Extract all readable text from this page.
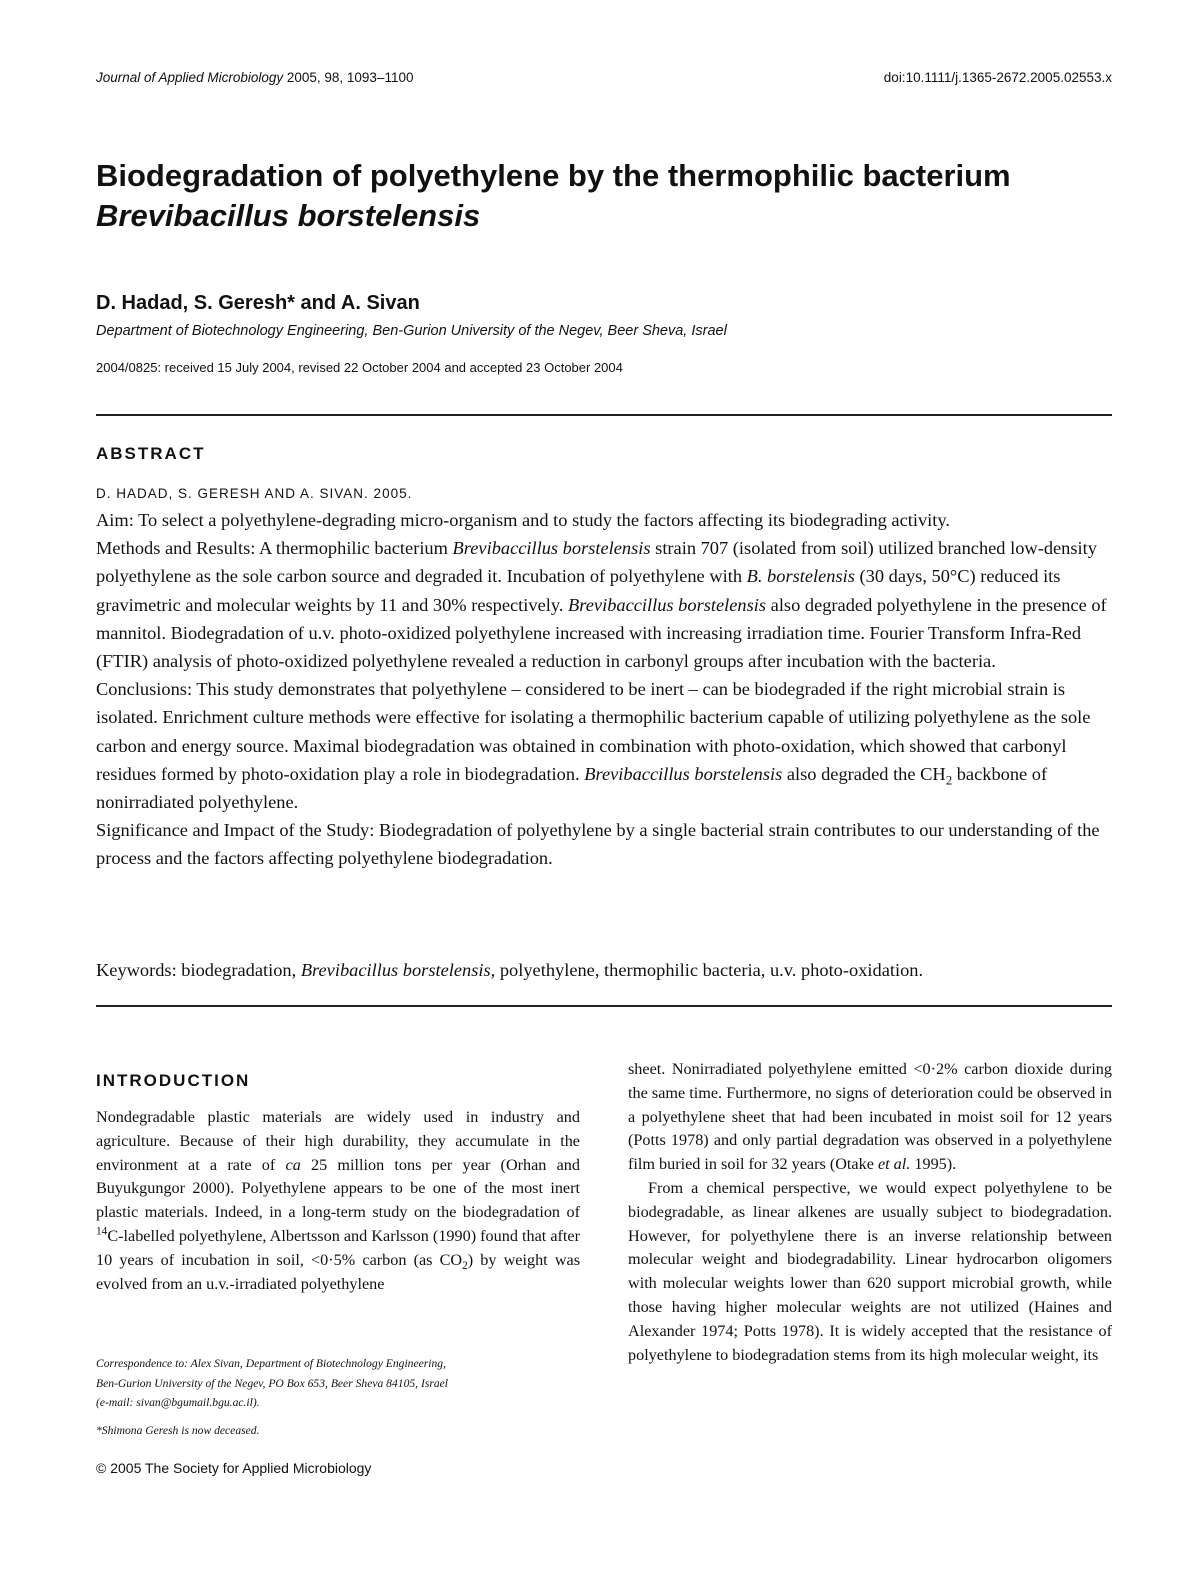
Journal of Applied Microbiology 2005, 98, 1093–1100	doi:10.1111/j.1365-2672.2005.02553.x
Biodegradation of polyethylene by the thermophilic bacterium
Brevibacillus borstelensis
D. Hadad, S. Geresh* and A. Sivan
Department of Biotechnology Engineering, Ben-Gurion University of the Negev, Beer Sheva, Israel
2004/0825: received 15 July 2004, revised 22 October 2004 and accepted 23 October 2004
ABSTRACT
D. HADAD, S. GERESH AND A. SIVAN. 2005.

Aim: To select a polyethylene-degrading micro-organism and to study the factors affecting its biodegrading activity.

Methods and Results: A thermophilic bacterium Brevibaccillus borstelensis strain 707 (isolated from soil) utilized branched low-density polyethylene as the sole carbon source and degraded it. Incubation of polyethylene with B. borstelensis (30 days, 50°C) reduced its gravimetric and molecular weights by 11 and 30% respectively. Brevibaccillus borstelensis also degraded polyethylene in the presence of mannitol. Biodegradation of u.v. photo-oxidized polyethylene increased with increasing irradiation time. Fourier Transform Infra-Red (FTIR) analysis of photo-oxidized polyethylene revealed a reduction in carbonyl groups after incubation with the bacteria.

Conclusions: This study demonstrates that polyethylene – considered to be inert – can be biodegraded if the right microbial strain is isolated. Enrichment culture methods were effective for isolating a thermophilic bacterium capable of utilizing polyethylene as the sole carbon and energy source. Maximal biodegradation was obtained in combination with photo-oxidation, which showed that carbonyl residues formed by photo-oxidation play a role in biodegradation. Brevibaccillus borstelensis also degraded the $CH_2$ backbone of nonirradiated polyethylene.

Significance and Impact of the Study: Biodegradation of polyethylene by a single bacterial strain contributes to our understanding of the process and the factors affecting polyethylene biodegradation.

Keywords: biodegradation, Brevibacillus borstelensis, polyethylene, thermophilic bacteria, u.v. photo-oxidation.
INTRODUCTION

Nondegradable plastic materials are widely used in industry and agriculture. Because of their high durability, they accumulate in the environment at a rate of ca 25 million tons per year (Orhan and Buyukgungor 2000). Polyethylene appears to be one of the most inert plastic materials. Indeed, in a long-term study on the biodegradation of $^{14}$C-labelled polyethylene, Albertsson and Karlsson (1990) found that after 10 years of incubation in soil, <0·5% carbon (as $CO_2$) by weight was evolved from an u.v.-irradiated polyethylene

sheet. Nonirradiated polyethylene emitted <0·2% carbon dioxide during the same time. Furthermore, no signs of deterioration could be observed in a polyethylene sheet that had been incubated in moist soil for 12 years (Potts 1978) and only partial degradation was observed in a polyethylene film buried in soil for 32 years (Otake et al. 1995).

From a chemical perspective, we would expect polyethylene to be biodegradable, as linear alkenes are usually subject to biodegradation. However, for polyethylene there is an inverse relationship between molecular weight and biodegradability. Linear hydrocarbon oligomers with molecular weights lower than 620 support microbial growth, while those having higher molecular weights are not utilized (Haines and Alexander 1974; Potts 1978). It is widely accepted that the resistance of polyethylene to biodegradation stems from its high molecular weight, its

Correspondence to: Alex Sivan, Department of Biotechnology Engineering,

Ben-Gurion University of the Negev, PO Box 653, Beer Sheva 84105, Israel

(e-mail: sivan@bgumail.bgu.ac.il).

*Shimona Geresh is now deceased.
© 2005 The Society for Applied Microbiology
